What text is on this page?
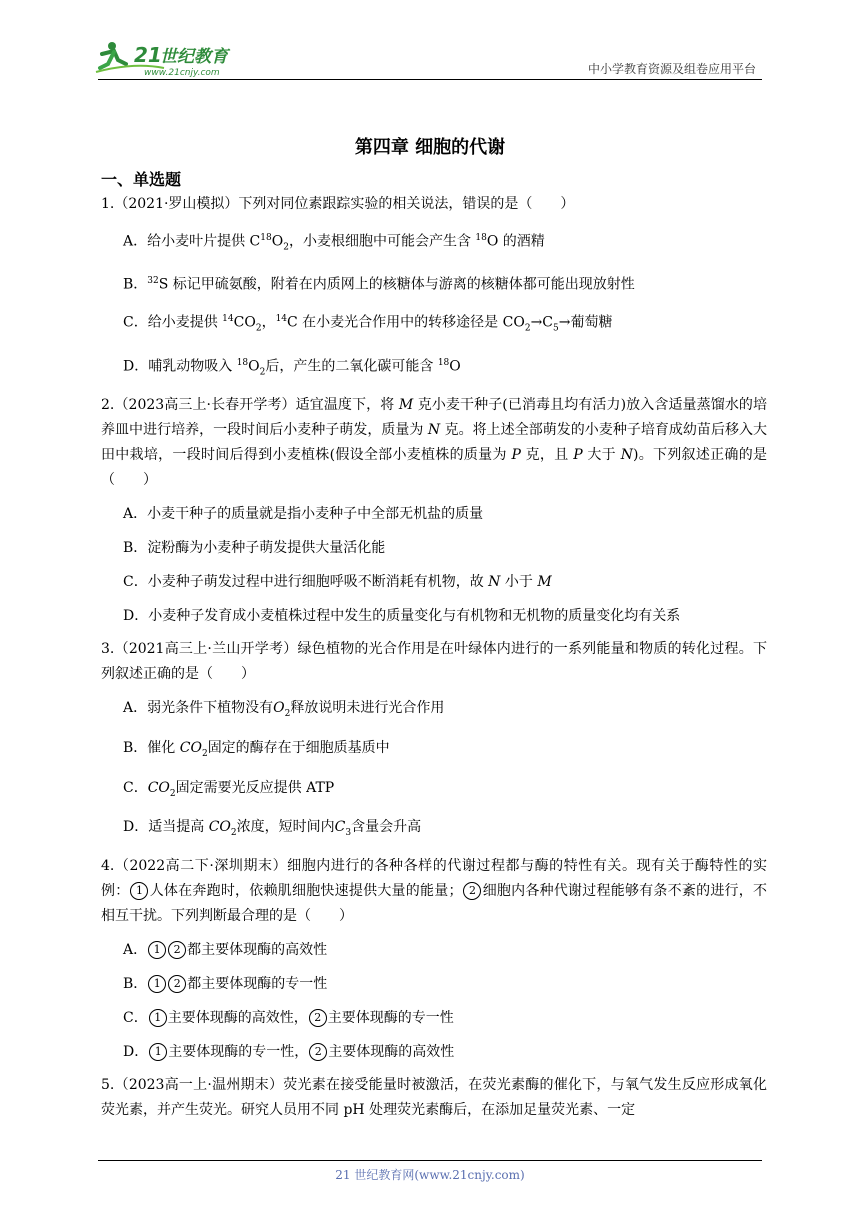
21
世纪教育
www.21cnjy.com	中小学教育资源及组卷应用平台
第四章 细胞的代谢
一、单选题
1.（2021·罗山模拟）下列对同位素跟踪实验的相关说法，错误的是（　　）
A．给小麦叶片提供 $C^{18}O_2$，小麦根细胞中可能会产生含 $^{18}$O 的酒精
B．$^{32}$S 标记甲硫氨酸，附着在内质网上的核糖体与游离的核糖体都可能出现放射性
C．给小麦提供 $^{14}CO_2$，$^{14}$C 在小麦光合作用中的转移途径是 $CO_2\to C_5\to$葡萄糖
D．哺乳动物吸入 $^{18}O_2$后，产生的二氧化碳可能含 $^{18}$O
2.（2023高三上·长春开学考）适宜温度下，将 M 克小麦干种子(已消毒且均有活力)放入含适量蒸馏水的培养皿中进行培养，一段时间后小麦种子萌发，质量为 N 克。将上述全部萌发的小麦种子培育成幼苗后移入大田中栽培，一段时间后得到小麦植株(假设全部小麦植株的质量为 P 克，且 P 大于 N)。下列叙述正确的是（　　）
A．小麦干种子的质量就是指小麦种子中全部无机盐的质量
B．淀粉酶为小麦种子萌发提供大量活化能
C．小麦种子萌发过程中进行细胞呼吸不断消耗有机物，故 N 小于 M
D．小麦种子发育成小麦植株过程中发生的质量变化与有机物和无机物的质量变化均有关系
3.（2021高三上·兰山开学考）绿色植物的光合作用是在叶绿体内进行的一系列能量和物质的转化过程。下列叙述正确的是（　　）
A．弱光条件下植物没有$O_2$释放说明未进行光合作用
B．催化 $CO_2$固定的酶存在于细胞质基质中
C．$CO_2$固定需要光反应提供 ATP
D．适当提高 $CO_2$浓度，短时间内$C_3$含量会升高
4.（2022高二下·深圳期末）细胞内进行的各种各样的代谢过程都与酶的特性有关。现有关于酶特性的实例： 1 人体在奔跑时，依赖肌细胞快速提供大量的能量； 2 细胞内各种代谢过程能够有条不紊的进行，不相互干扰。下列判断最合理的是（　　）
A． 1 2 都主要体现酶的高效性
B． 1 2 都主要体现酶的专一性
C． 1 主要体现酶的高效性， 2 主要体现酶的专一性
D． 1 主要体现酶的专一性， 2 主要体现酶的高效性
5.（2023高一上·温州期末）荧光素在接受能量时被激活，在荧光素酶的催化下，与氧气发生反应形成氧化荧光素，并产生荧光。研究人员用不同 pH 处理荧光素酶后，在添加足量荧光素、一定
21 世纪教育网(www.21cnjy.com)
